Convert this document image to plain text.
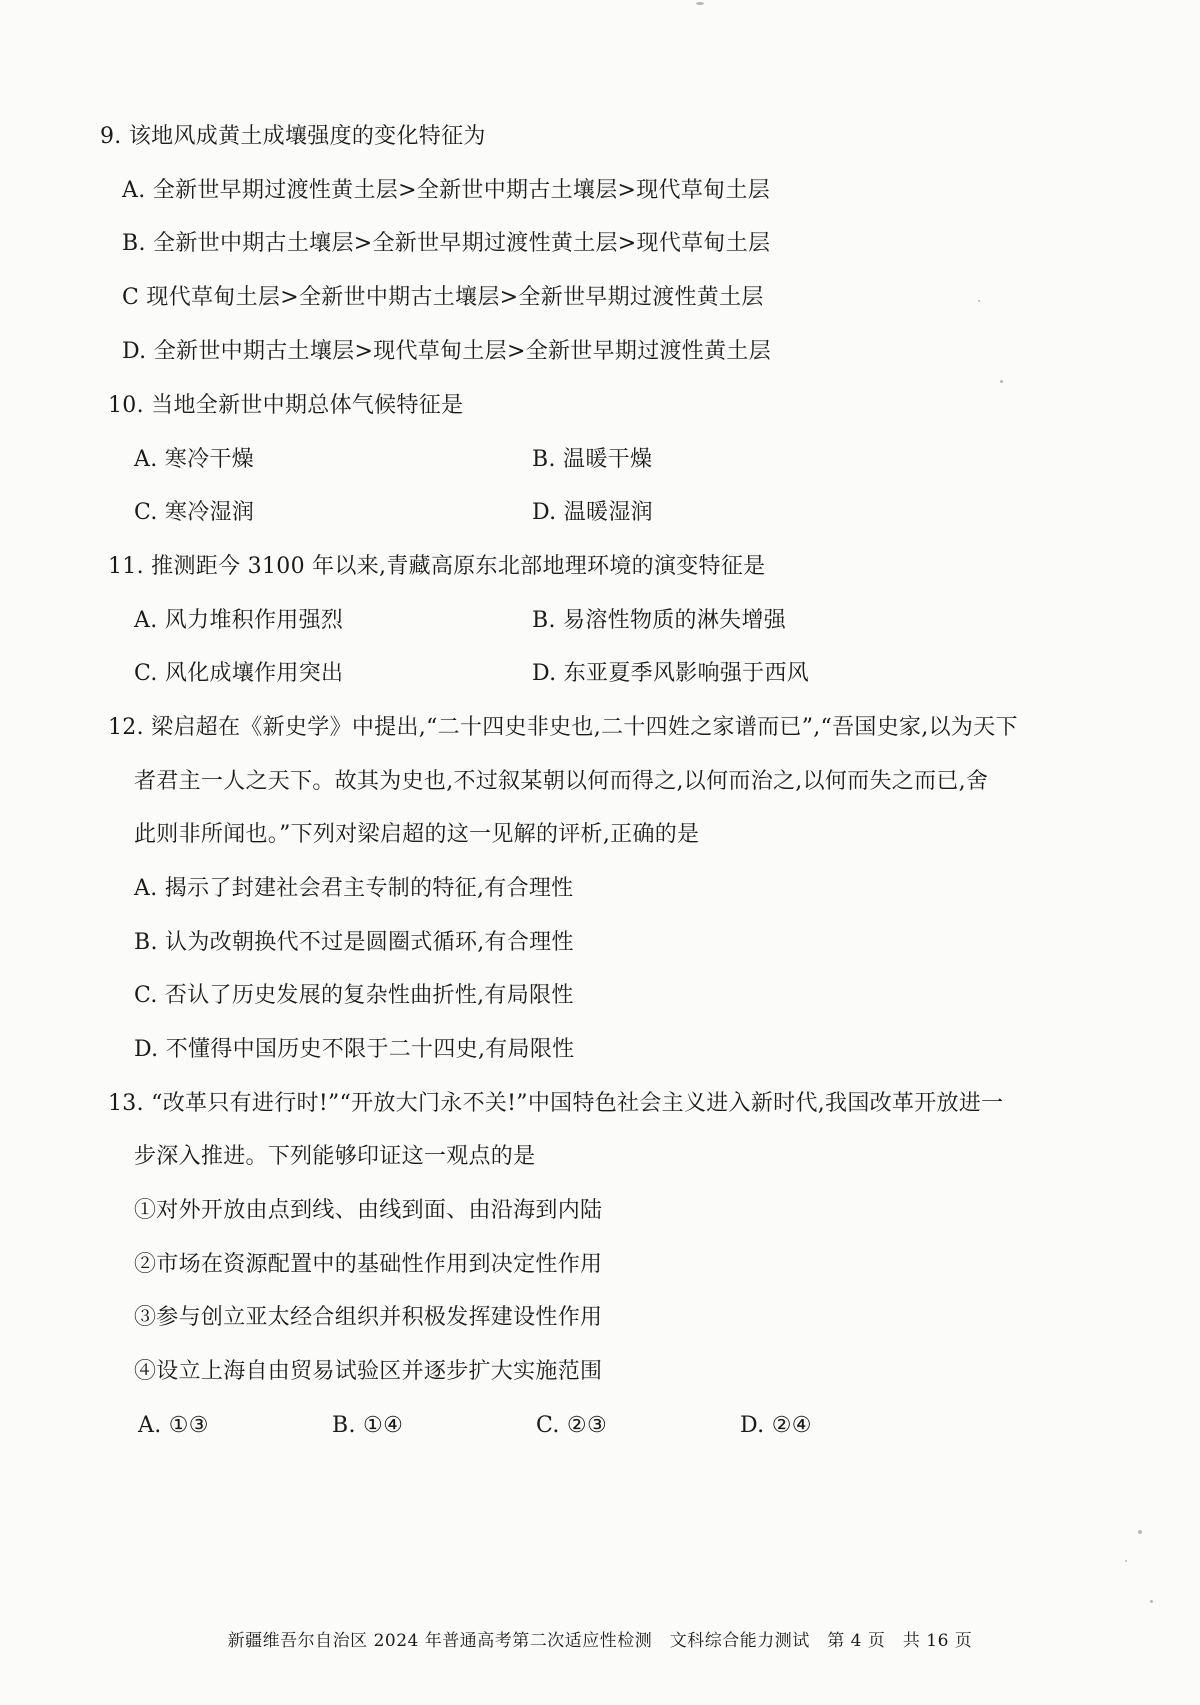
9. 该地风成黄土成壤强度的变化特征为
A. 全新世早期过渡性黄土层>全新世中期古土壤层>现代草甸土层
B. 全新世中期古土壤层>全新世早期过渡性黄土层>现代草甸土层
C 现代草甸土层>全新世中期古土壤层>全新世早期过渡性黄土层
D. 全新世中期古土壤层>现代草甸土层>全新世早期过渡性黄土层
10. 当地全新世中期总体气候特征是
A. 寒冷干燥	B. 温暖干燥
C. 寒冷湿润	D. 温暖湿润
11. 推测距今 3100 年以来,青藏高原东北部地理环境的演变特征是
A. 风力堆积作用强烈	B. 易溶性物质的淋失增强
C. 风化成壤作用突出	D. 东亚夏季风影响强于西风
12. 梁启超在《新史学》中提出,“二十四史非史也,二十四姓之家谱而已”,“吾国史家,以为天下
者君主一人之天下。故其为史也,不过叙某朝以何而得之,以何而治之,以何而失之而已,舍
此则非所闻也。”下列对梁启超的这一见解的评析,正确的是
A. 揭示了封建社会君主专制的特征,有合理性
B. 认为改朝换代不过是圆圈式循环,有合理性
C. 否认了历史发展的复杂性曲折性,有局限性
D. 不懂得中国历史不限于二十四史,有局限性
13. “改革只有进行时!”“开放大门永不关!”中国特色社会主义进入新时代,我国改革开放进一
步深入推进。下列能够印证这一观点的是
①对外开放由点到线、由线到面、由沿海到内陆
②市场在资源配置中的基础性作用到决定性作用
③参与创立亚太经合组织并积极发挥建设性作用
④设立上海自由贸易试验区并逐步扩大实施范围
A. ①③	B. ①④	C. ②③	D. ②④
新疆维吾尔自治区 2024 年普通高考第二次适应性检测　文科综合能力测试　第 4 页　共 16 页
